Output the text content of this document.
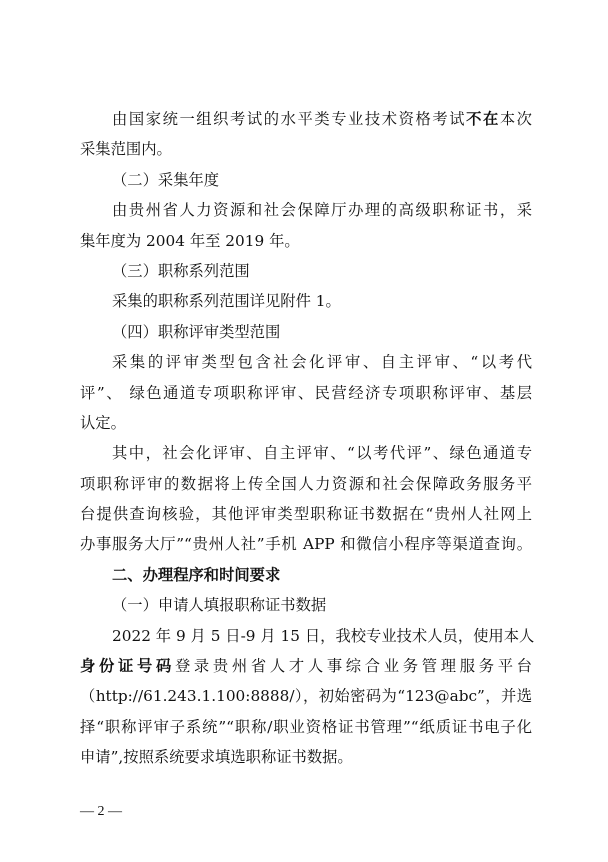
由国家统一组织考试的水平类专业技术资格考试不在本次
采集范围内。
（二）采集年度
由贵州省人力资源和社会保障厅办理的高级职称证书，采
集年度为 2004 年至 2019 年。
（三）职称系列范围
采集的职称系列范围详见附件 1。
（四）职称评审类型范围
采集的评审类型包含社会化评审、自主评审、“以考代
评”、 绿色通道专项职称评审、民营经济专项职称评审、基层
认定。
其中，社会化评审、自主评审、“以考代评”、绿色通道专
项职称评审的数据将上传全国人力资源和社会保障政务服务平
台提供查询核验，其他评审类型职称证书数据在“贵州人社网上
办事服务大厅”“贵州人社”手机 APP 和微信小程序等渠道查询。
二、办理程序和时间要求
（一）申请人填报职称证书数据
2022 年 9 月 5 日-9 月 15 日，我校专业技术人员，使用本人
身份证号码登录贵州省人才人事综合业务管理服务平台
（http://61.243.1.100:8888/），初始密码为“123@abc”，并选
择“职称评审子系统”“职称/职业资格证书管理”“纸质证书电子化
申请”,按照系统要求填选职称证书数据。
— 2 —
